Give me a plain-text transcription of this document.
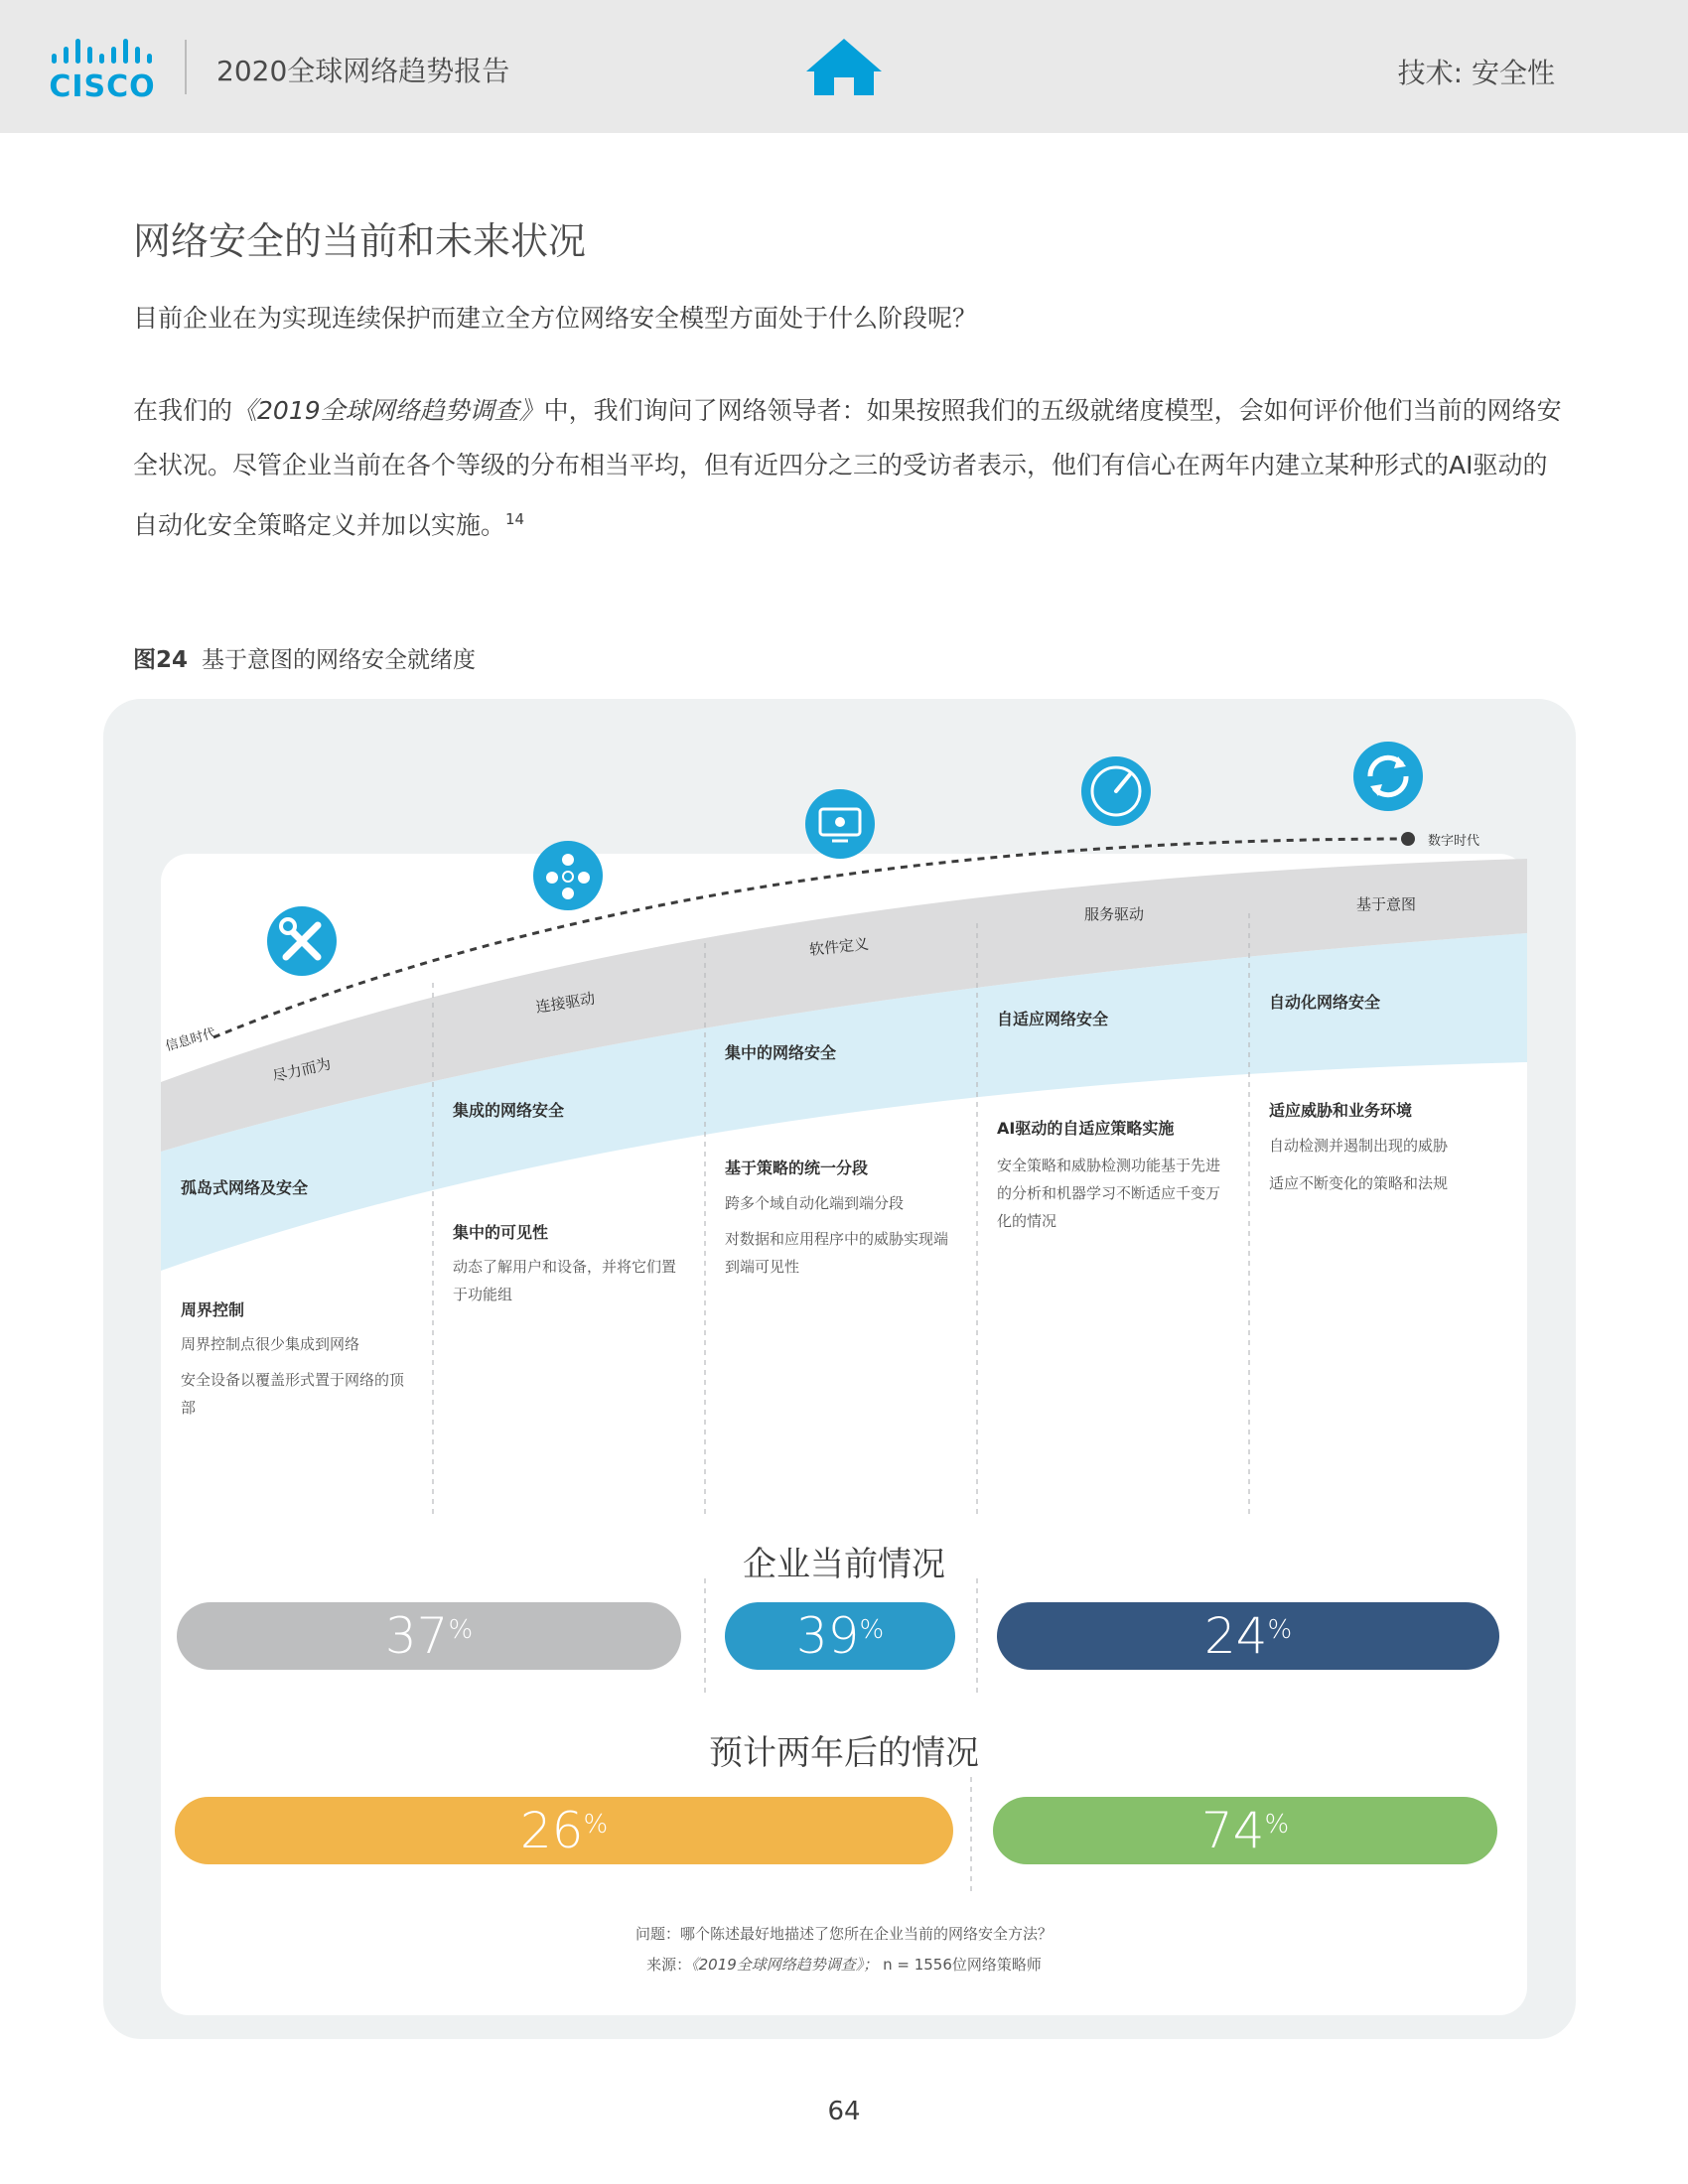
CISCO 2020全球网络趋势报告	技术: 安全性
网络安全的当前和未来状况
目前企业在为实现连续保护而建立全方位网络安全模型方面处于什么阶段呢？
在我们的《2019全球网络趋势调查》中，我们询问了网络领导者：如果按照我们的五级就绪度模型，会如何评价他们当前的网络安全状况。尽管企业当前在各个等级的分布相当平均，但有近四分之三的受访者表示，他们有信心在两年内建立某种形式的AI驱动的自动化安全策略定义并加以实施。$^{14}$
图24 基于意图的网络安全就绪度
信息时代
数字时代
尽力而为
连接驱动
软件定义
服务驱动
基于意图
孤岛式网络及安全
集成的网络安全
集中的网络安全
自适应网络安全
自动化网络安全
周界控制
周界控制点很少集成到网络
安全设备以覆盖形式置于网络的顶部
集中的可见性
动态了解用户和设备，并将它们置于功能组
基于策略的统一分段
跨多个域自动化端到端分段
对数据和应用程序中的威胁实现端到端可见性
AI驱动的自适应策略实施
安全策略和威胁检测功能基于先进的分析和机器学习不断适应千变万化的情况
适应威胁和业务环境
自动检测并遏制出现的威胁
适应不断变化的策略和法规
企业当前情况
37%	39%	24%
预计两年后的情况
26%	74%
问题：哪个陈述最好地描述了您所在企业当前的网络安全方法？
来源：《2019全球网络趋势调查》； n = 1556位网络策略师
64
